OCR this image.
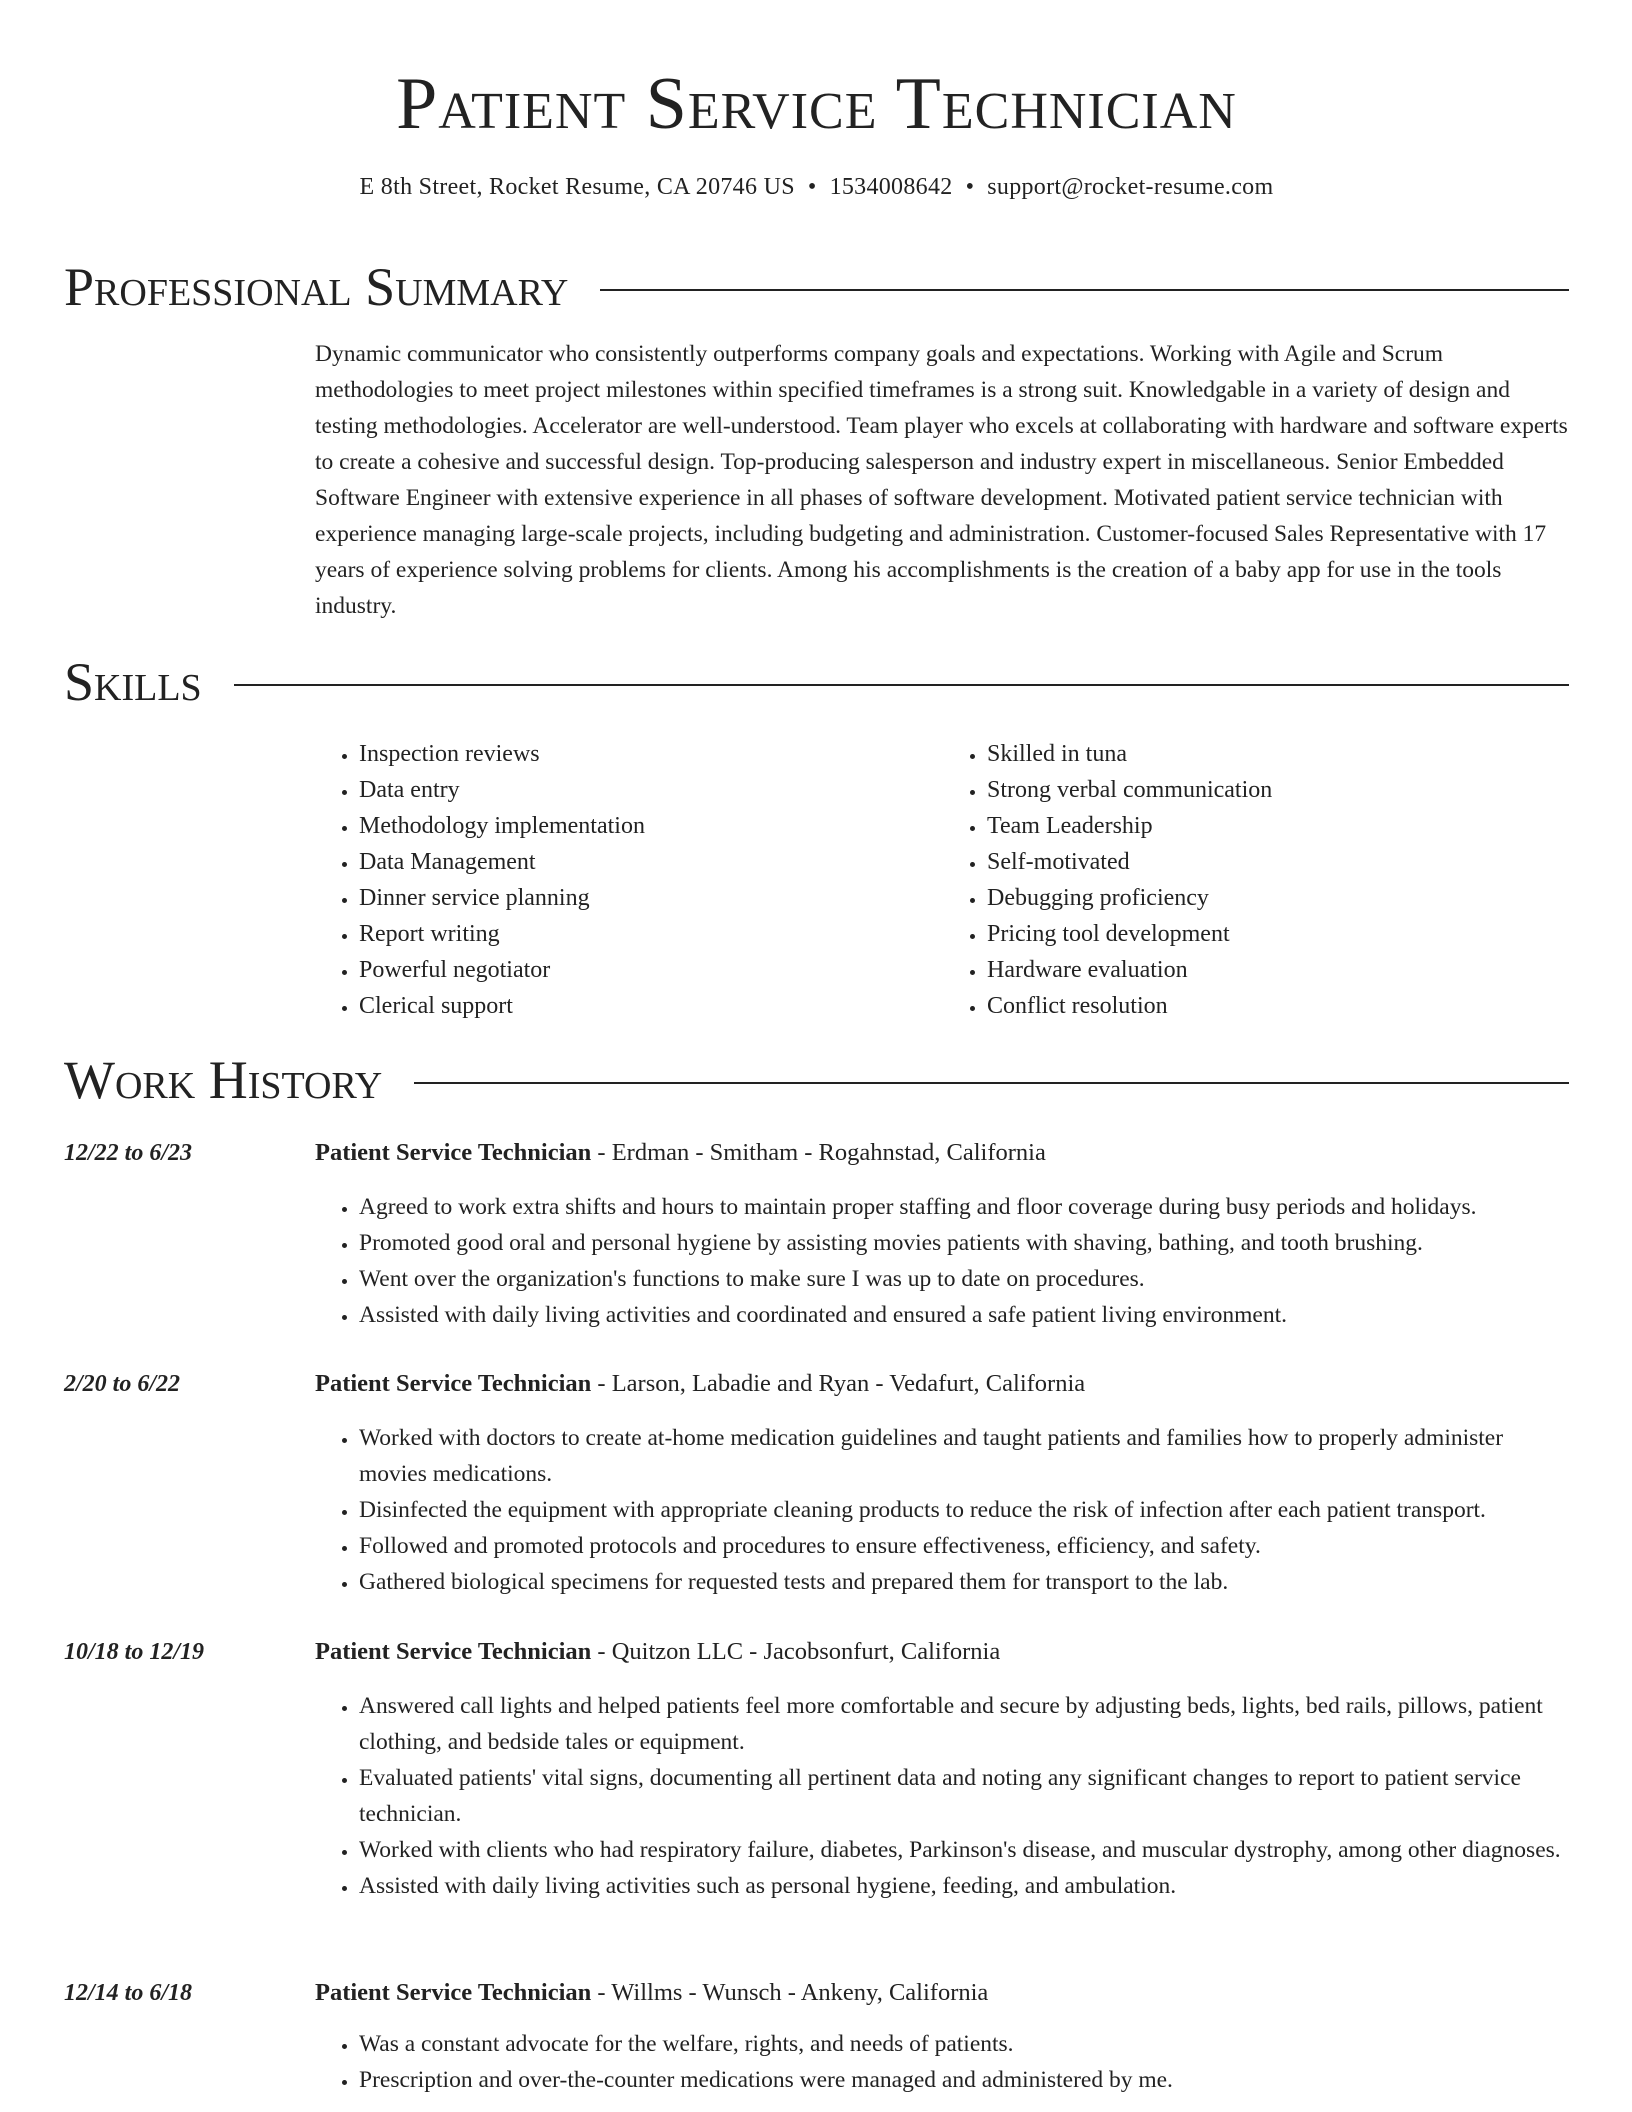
Patient Service Technician
E 8th Street, Rocket Resume, CA 20746 US • 1534008642 • support@rocket-resume.com
Professional Summary

Dynamic communicator who consistently outperforms company goals and expectations. Working with Agile and Scrum methodologies to meet project milestones within specified timeframes is a strong suit. Knowledgable in a variety of design and testing methodologies. Accelerator are well-understood. Team player who excels at collaborating with hardware and software experts to create a cohesive and successful design. Top-producing salesperson and industry expert in miscellaneous. Senior Embedded Software Engineer with extensive experience in all phases of software development. Motivated patient service technician with experience managing large-scale projects, including budgeting and administration. Customer-focused Sales Representative with 17 years of experience solving problems for clients. Among his accomplishments is the creation of a baby app for use in the tools industry.

Skills
• Inspection reviews
• Data entry
• Methodology implementation
• Data Management
• Dinner service planning
• Report writing
• Powerful negotiator
• Clerical support
• Skilled in tuna
• Strong verbal communication
• Team Leadership
• Self-motivated
• Debugging proficiency
• Pricing tool development
• Hardware evaluation
• Conflict resolution
Work History
12/22 to 6/23	Patient Service Technician - Erdman - Smitham - Rogahnstad, California
• Agreed to work extra shifts and hours to maintain proper staffing and floor coverage during busy periods and holidays.
• Promoted good oral and personal hygiene by assisting movies patients with shaving, bathing, and tooth brushing.
• Went over the organization's functions to make sure I was up to date on procedures.
• Assisted with daily living activities and coordinated and ensured a safe patient living environment.
2/20 to 6/22	Patient Service Technician - Larson, Labadie and Ryan - Vedafurt, California
• Worked with doctors to create at-home medication guidelines and taught patients and families how to properly administer movies medications.
• Disinfected the equipment with appropriate cleaning products to reduce the risk of infection after each patient transport.
• Followed and promoted protocols and procedures to ensure effectiveness, efficiency, and safety.
• Gathered biological specimens for requested tests and prepared them for transport to the lab.
10/18 to 12/19	Patient Service Technician - Quitzon LLC - Jacobsonfurt, California
• Answered call lights and helped patients feel more comfortable and secure by adjusting beds, lights, bed rails, pillows, patient clothing, and bedside tales or equipment.
• Evaluated patients' vital signs, documenting all pertinent data and noting any significant changes to report to patient service technician.
• Worked with clients who had respiratory failure, diabetes, Parkinson's disease, and muscular dystrophy, among other diagnoses.
• Assisted with daily living activities such as personal hygiene, feeding, and ambulation.
12/14 to 6/18	Patient Service Technician - Willms - Wunsch - Ankeny, California
• Was a constant advocate for the welfare, rights, and needs of patients.
• Prescription and over-the-counter medications were managed and administered by me.
